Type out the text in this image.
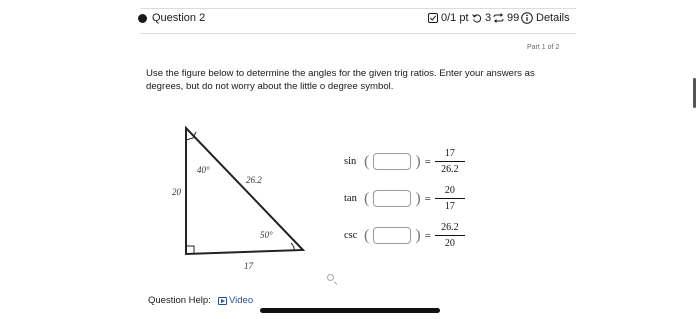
Question 2	0/1 pt 3 99 Details
Part 1 of 2
Use the figure below to determine the angles for the given trig ratios. Enter your answers as degrees, but do not worry about the little o degree symbol.
40°
50°
20
26.2
17
sin (	) = $\frac{17}{26.2}$
tan (	) = $\frac{20}{17}$
csc (	) = $\frac{26.2}{20}$
Question Help: Video
